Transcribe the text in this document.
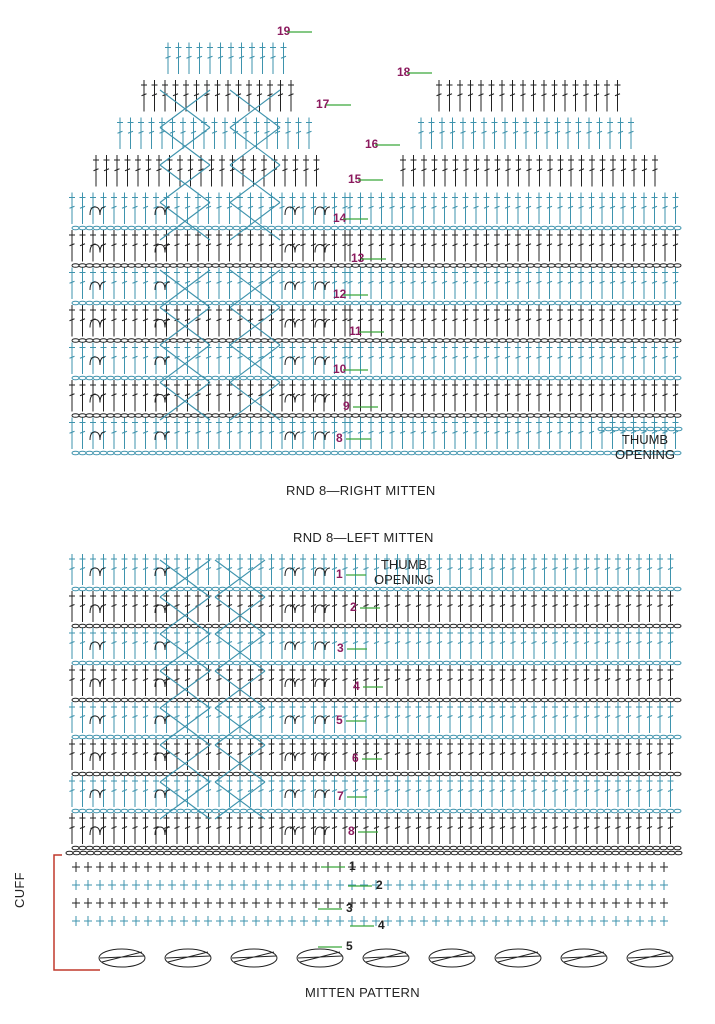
8
9
10
11
12
13
14
15
16
17
18
19
1
2
3
4
5
6
7
8
1
2
3
4
5
RND 8—RIGHT MITTEN
RND 8—LEFT MITTEN
MITTEN PATTERN
THUMB
OPENING
THUMB
OPENING
CUFF
